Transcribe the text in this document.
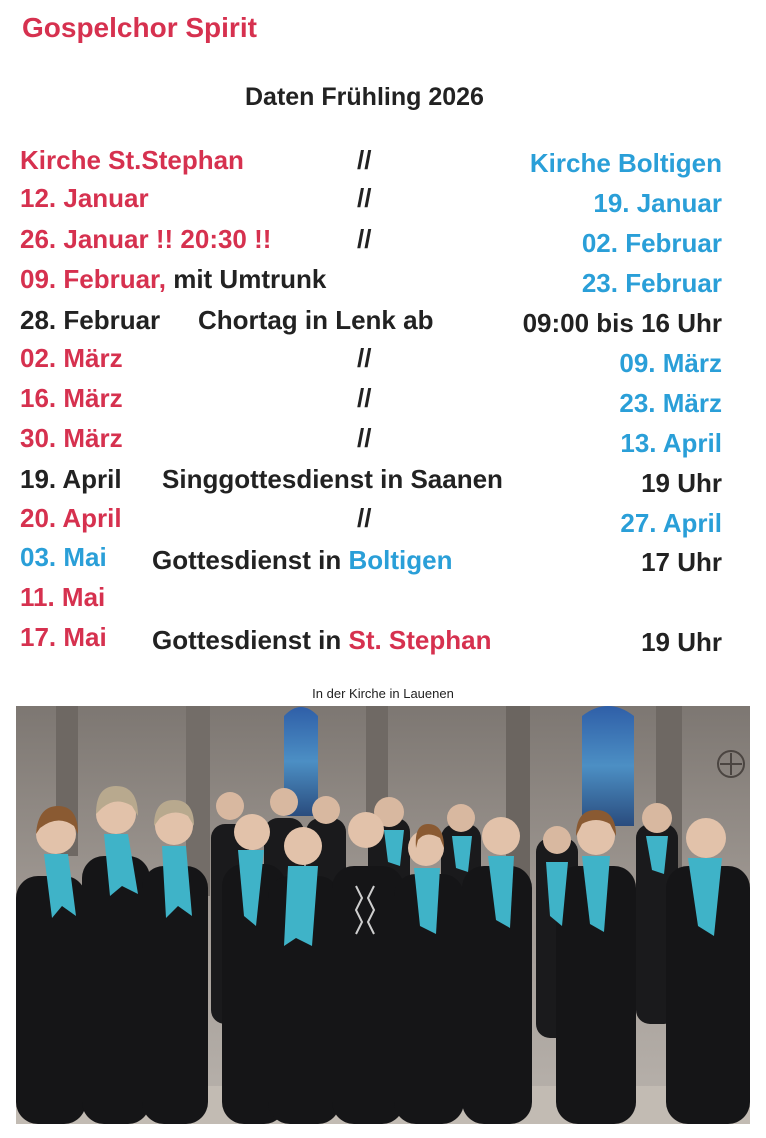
Gospelchor Spirit
Daten Frühling 2026
Kirche St.Stephan	//	Kirche Boltigen
12. Januar	//	19. Januar
26. Januar !! 20:30 !!	//	02. Februar
09. Februar, mit Umtrunk	23. Februar
28. Februar Chortag in Lenk ab	09:00 bis 16 Uhr
02. März	//	09. März
16. März	//	23. März
30. März	//	13. April
19. April Singgottesdienst in Saanen	19 Uhr
20. April	//	27. April
03. Mai Gottesdienst in Boltigen	17 Uhr
11. Mai
17. Mai Gottesdienst in St. Stephan	19 Uhr
In der Kirche in Lauenen
